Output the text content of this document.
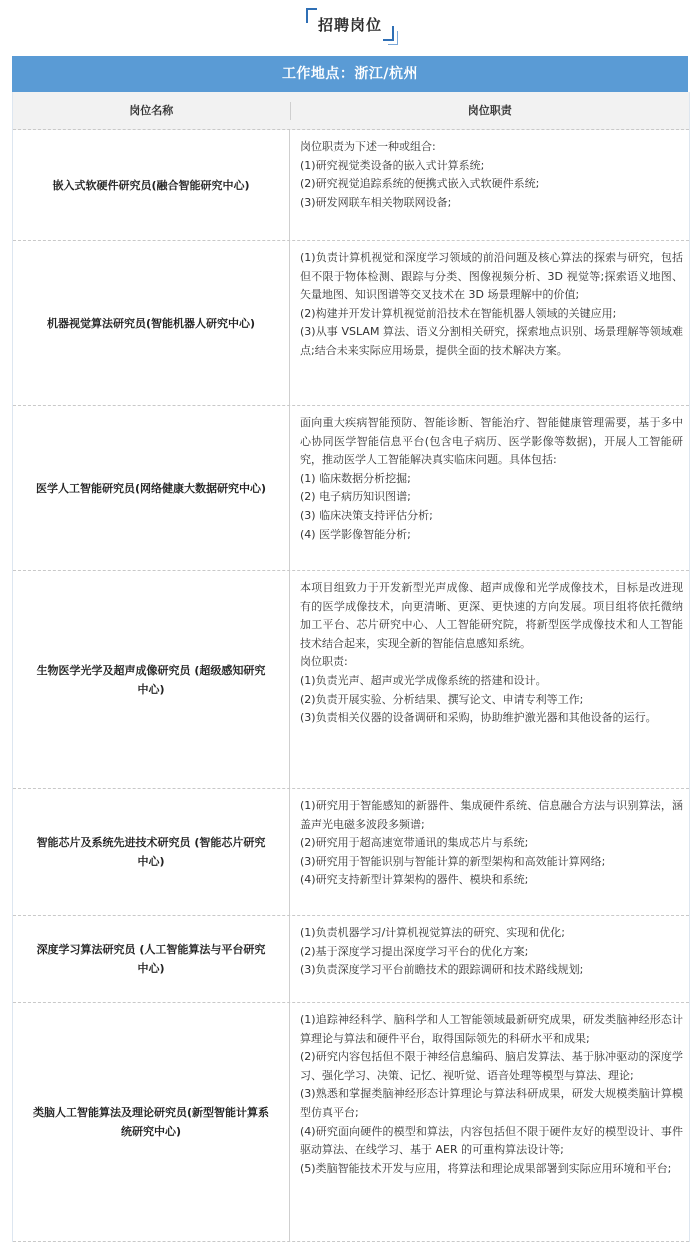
招聘岗位
工作地点：浙江/杭州
岗位名称	岗位职责
嵌入式软硬件研究员(融合智能研究中心)
岗位职责为下述一种或组合:
(1)研究视觉类设备的嵌入式计算系统;
(2)研究视觉追踪系统的便携式嵌入式软硬件系统;
(3)研发网联车相关物联网设备;
机器视觉算法研究员(智能机器人研究中心)
(1)负责计算机视觉和深度学习领域的前沿问题及核心算法的探索与研究，包括但不限于物体检测、跟踪与分类、图像视频分析、3D 视觉等;探索语义地图、矢量地图、知识图谱等交叉技术在 3D 场景理解中的价值;
(2)构建并开发计算机视觉前沿技术在智能机器人领域的关键应用;
(3)从事 VSLAM 算法、语义分割相关研究，探索地点识别、场景理解等领域难点;结合未来实际应用场景，提供全面的技术解决方案。
医学人工智能研究员(网络健康大数据研究中心)
面向重大疾病智能预防、智能诊断、智能治疗、智能健康管理需要，基于多中心协同医学智能信息平台(包含电子病历、医学影像等数据)，开展人工智能研究，推动医学人工智能解决真实临床问题。具体包括:
(1) 临床数据分析挖掘;
(2) 电子病历知识图谱;
(3) 临床决策支持评估分析;
(4) 医学影像智能分析;
生物医学光学及超声成像研究员 (超级感知研究
中心)
本项目组致力于开发新型光声成像、超声成像和光学成像技术，目标是改进现有的医学成像技术，向更清晰、更深、更快速的方向发展。项目组将依托微纳加工平台、芯片研究中心、人工智能研究院，将新型医学成像技术和人工智能技术结合起来，实现全新的智能信息感知系统。
岗位职责:
(1)负责光声、超声或光学成像系统的搭建和设计。
(2)负责开展实验、分析结果、撰写论文、申请专利等工作;
(3)负责相关仪器的设备调研和采购，协助维护激光器和其他设备的运行。
智能芯片及系统先进技术研究员 (智能芯片研究
中心)
(1)研究用于智能感知的新器件、集成硬件系统、信息融合方法与识别算法，涵盖声光电磁多波段多频谱;
(2)研究用于超高速宽带通讯的集成芯片与系统;
(3)研究用于智能识别与智能计算的新型架构和高效能计算网络;
(4)研究支持新型计算架构的器件、模块和系统;
深度学习算法研究员 (人工智能算法与平台研究
中心)
(1)负责机器学习/计算机视觉算法的研究、实现和优化;
(2)基于深度学习提出深度学习平台的优化方案;
(3)负责深度学习平台前瞻技术的跟踪调研和技术路线规划;
类脑人工智能算法及理论研究员(新型智能计算系
统研究中心)
(1)追踪神经科学、脑科学和人工智能领域最新研究成果，研发类脑神经形态计算理论与算法和硬件平台，取得国际领先的科研水平和成果;
(2)研究内容包括但不限于神经信息编码、脑启发算法、基于脉冲驱动的深度学习、强化学习、决策、记忆、视听觉、语音处理等模型与算法、理论;
(3)熟悉和掌握类脑神经形态计算理论与算法科研成果，研发大规模类脑计算模型仿真平台;
(4)研究面向硬件的模型和算法，内容包括但不限于硬件友好的模型设计、事件驱动算法、在线学习、基于 AER 的可重构算法设计等;
(5)类脑智能技术开发与应用，将算法和理论成果部署到实际应用环境和平台;
